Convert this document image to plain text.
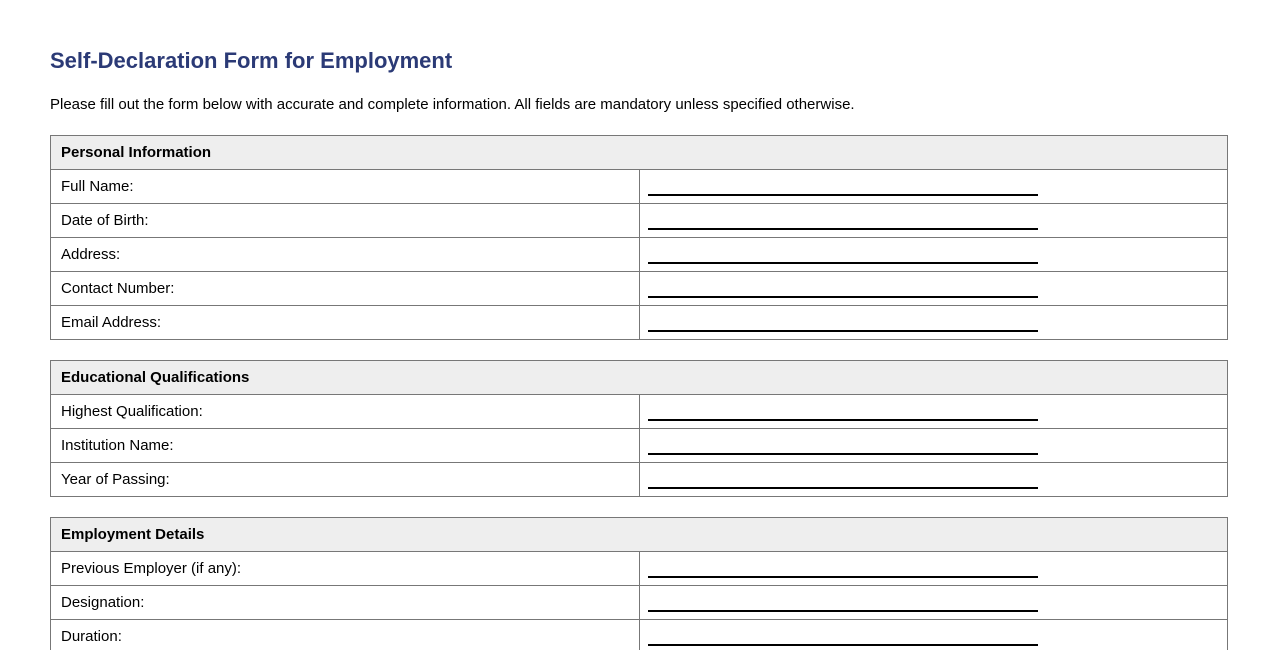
Self-Declaration Form for Employment

Please fill out the form below with accurate and complete information. All fields are mandatory unless specified otherwise.

Personal Information	
Full Name:	

Date of Birth:	

Address:	

Contact Number:	

Email Address:	
Educational Qualifications	
Highest Qualification:	

Institution Name:	

Year of Passing:	
Employment Details	
Previous Employer (if any):	

Designation:	

Duration:	
